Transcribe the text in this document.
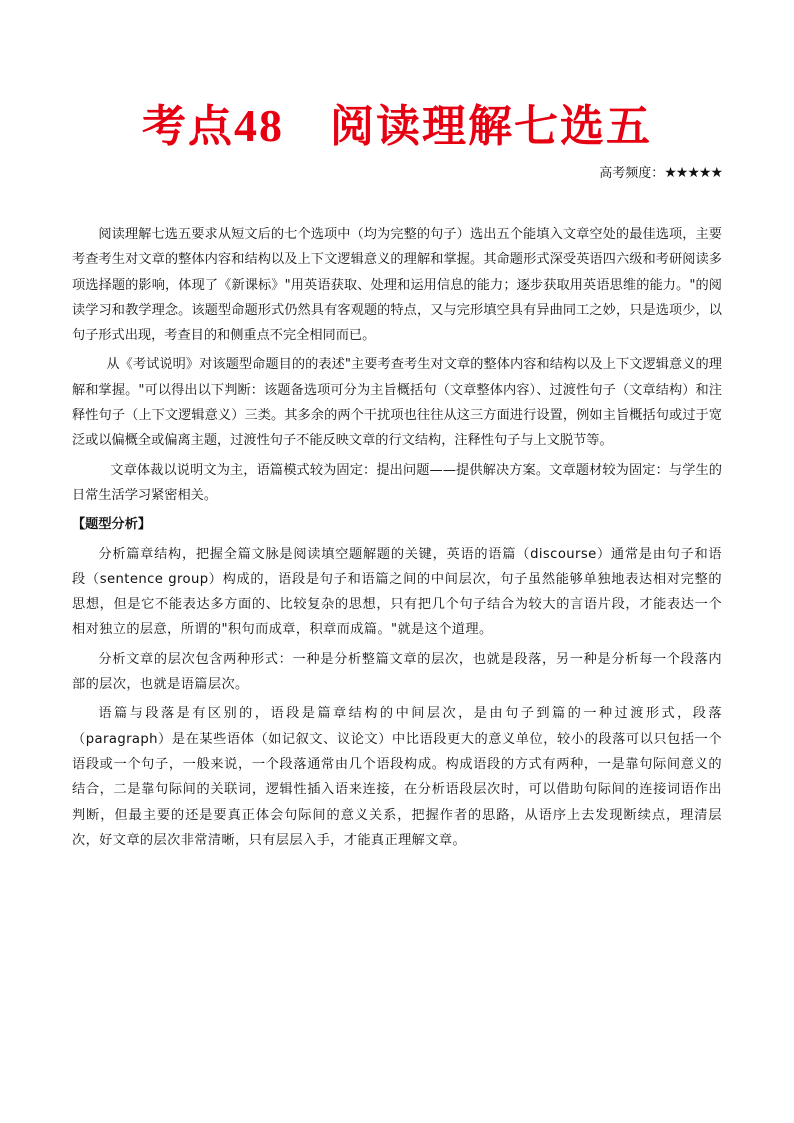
考点48 阅读理解七选五
高考频度：★★★★★

阅读理解七选五要求从短文后的七个选项中（均为完整的句子）选出五个能填入文章空处的最佳选项，主要考查考生对文章的整体内容和结构以及上下文逻辑意义的理解和掌握。其命题形式深受英语四六级和考研阅读多项选择题的影响，体现了《新课标》"用英语获取、处理和运用信息的能力；逐步获取用英语思维的能力。"的阅读学习和教学理念。该题型命题形式仍然具有客观题的特点，又与完形填空具有异曲同工之妙，只是选项少，以句子形式出现，考查目的和侧重点不完全相同而已。

从《考试说明》对该题型命题目的的表述"主要考查考生对文章的整体内容和结构以及上下文逻辑意义的理解和掌握。"可以得出以下判断：该题备选项可分为主旨概括句（文章整体内容）、过渡性句子（文章结构）和注释性句子（上下文逻辑意义）三类。其多余的两个干扰项也往往从这三方面进行设置，例如主旨概括句或过于宽泛或以偏概全或偏离主题，过渡性句子不能反映文章的行文结构，注释性句子与上文脱节等。

文章体裁以说明文为主，语篇模式较为固定：提出问题——提供解决方案。文章题材较为固定：与学生的日常生活学习紧密相关。

【题型分析】

分析篇章结构，把握全篇文脉是阅读填空题解题的关键，英语的语篇（discourse）通常是由句子和语段（sentence group）构成的，语段是句子和语篇之间的中间层次，句子虽然能够单独地表达相对完整的思想，但是它不能表达多方面的、比较复杂的思想，只有把几个句子结合为较大的言语片段，才能表达一个相对独立的层意，所谓的"积句而成章，积章而成篇。"就是这个道理。

分析文章的层次包含两种形式：一种是分析整篇文章的层次，也就是段落，另一种是分析每一个段落内部的层次，也就是语篇层次。

语篇与段落是有区别的，语段是篇章结构的中间层次，是由句子到篇的一种过渡形式，段落（paragraph）是在某些语体（如记叙文、议论文）中比语段更大的意义单位，较小的段落可以只包括一个语段或一个句子，一般来说，一个段落通常由几个语段构成。构成语段的方式有两种，一是靠句际间意义的结合，二是靠句际间的关联词，逻辑性插入语来连接，在分析语段层次时，可以借助句际间的连接词语作出判断，但最主要的还是要真正体会句际间的意义关系，把握作者的思路，从语序上去发现断续点，理清层次，好文章的层次非常清晰，只有层层入手，才能真正理解文章。
